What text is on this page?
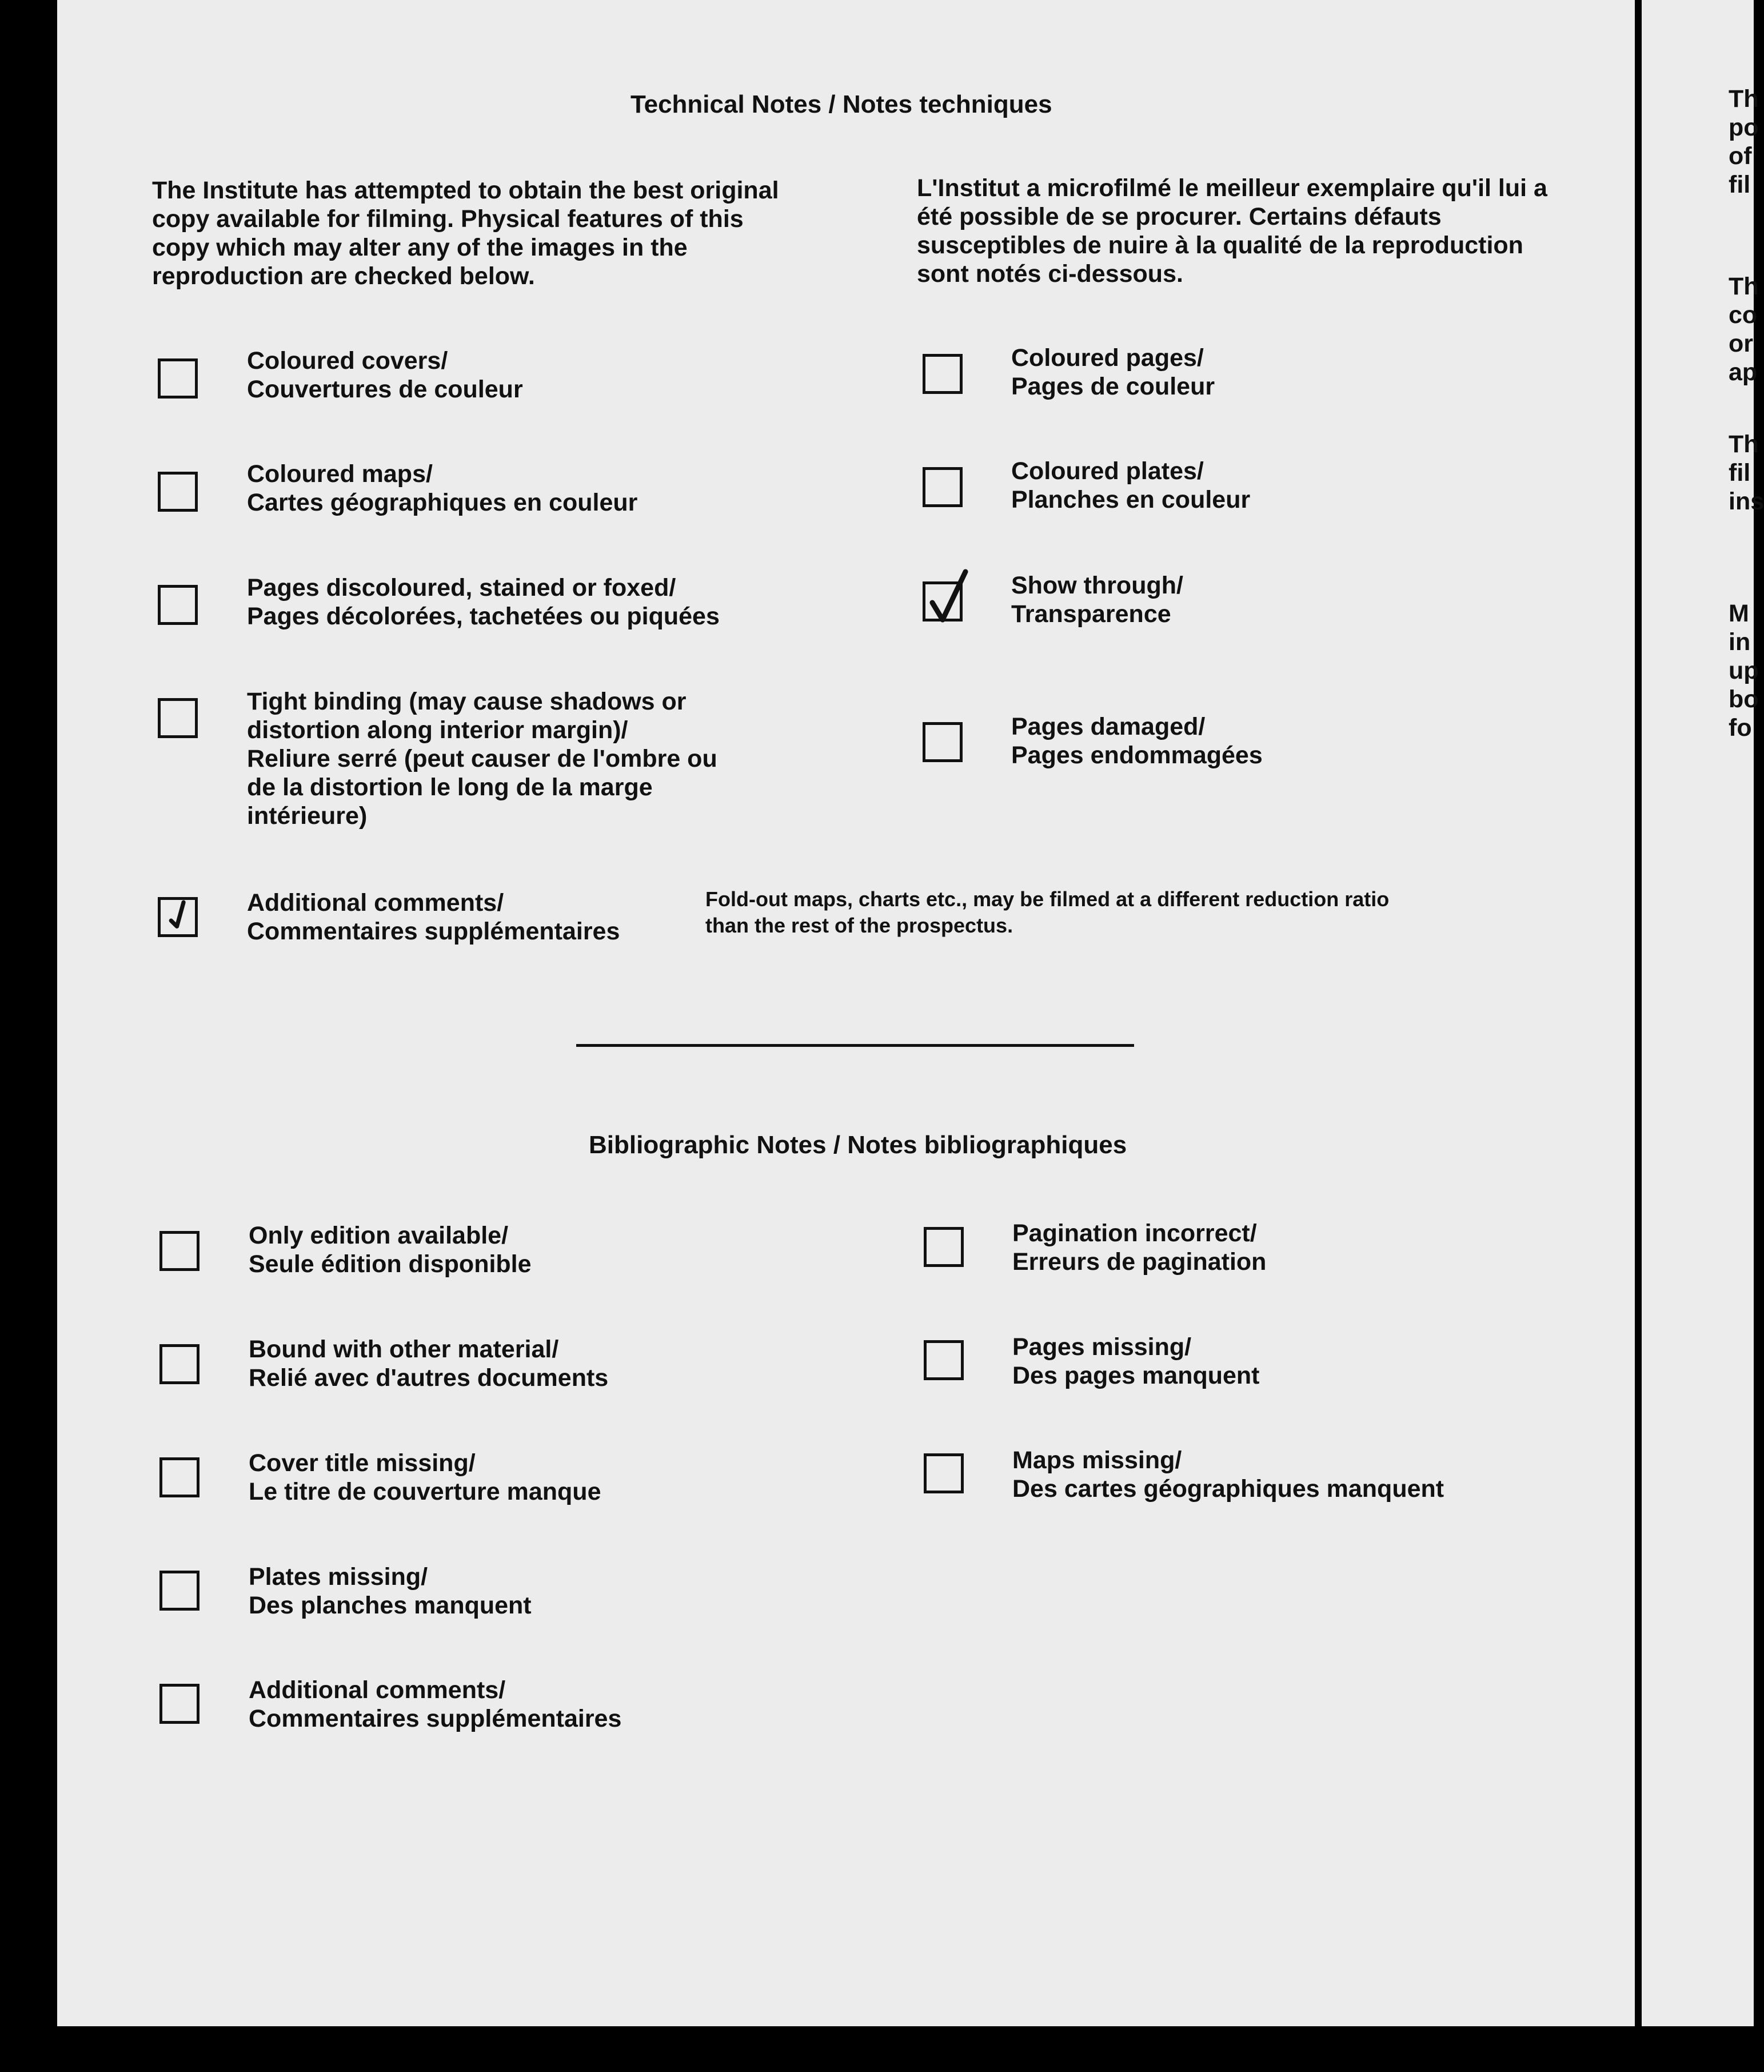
Technical Notes / Notes techniques
The Institute has attempted to obtain the best original copy available for filming. Physical features of this copy which may alter any of the images in the reproduction are checked below.
L'Institut a microfilmé le meilleur exemplaire qu'il lui a été possible de se procurer. Certains défauts susceptibles de nuire à la qualité de la reproduction sont notés ci-dessous.
Coloured covers/
Couvertures de couleur
Coloured maps/
Cartes géographiques en couleur
Pages discoloured, stained or foxed/
Pages décolorées, tachetées ou piquées
Tight binding (may cause shadows or
distortion along interior margin)/
Reliure serré (peut causer de l'ombre ou
de la distortion le long de la marge
intérieure)
Coloured pages/
Pages de couleur
Coloured plates/
Planches en couleur
Show through/
Transparence
Pages damaged/
Pages endommagées
Additional comments/
Commentaires supplémentaires
Fold-out maps, charts etc., may be filmed at a different reduction ratio
than the rest of the prospectus.
Bibliographic Notes / Notes bibliographiques
Only edition available/
Seule édition disponible
Bound with other material/
Relié avec d'autres documents
Cover title missing/
Le titre de couverture manque
Plates missing/
Des planches manquent
Additional comments/
Commentaires supplémentaires
Pagination incorrect/
Erreurs de pagination
Pages missing/
Des pages manquent
Maps missing/
Des cartes géographiques manquent
Th
po
of
fil
Th
co
or
ap
Th
fil
ins
M
in
up
bo
fo
